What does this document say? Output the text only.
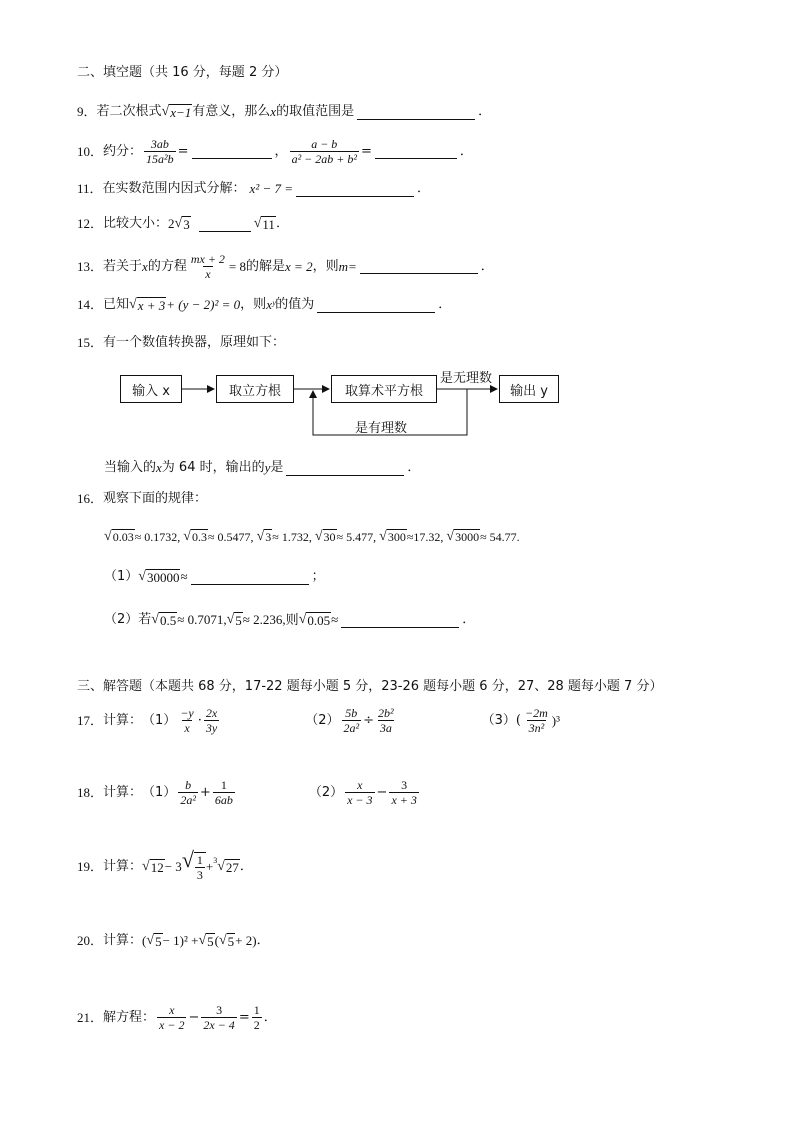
二、填空题（共 16 分，每题 2 分）
9． 若二次根式 √ x−1 有意义，那么 x 的取值范围是	．
10． 约分： $\frac{3ab}{\text{15a²b}}$ =	， $\frac{a - b}{\text{a² − 2ab + b²}}$ =	．
11． 在实数范围内因式分解： x² − 7 =	．
12． 比较大小： 2 √ 3	√ 11 ．
13． 若关于 x 的方程 $\frac{mx + 2}{x} = 8$ 的解是 x = 2 ，则 m=	．
14． 已知 √ x + 3 + (y − 2)² = 0 ，则 xʸ 的值为	．
15． 有一个数值转换器，原理如下：
输入 x	取立方根	取算术平方根	输出 y
是无理数
是有理数
当输入的 x 为 64 时，输出的 y 是	．
16． 观察下面的规律：
√ 0.03 ≈ 0.1732, √ 0.3 ≈ 0.5477, √ 3 ≈ 1.732, √ 30 ≈ 5.477, √ 300 ≈17.32, √ 3000 ≈ 54.77.
（1） √ 30000 ≈	；
（2）若 √ 0.5 ≈ 0.7071, √ 5 ≈ 2.236,则 √ 0.05 ≈	．
三、解答题（本题共 68 分，17-22 题每小题 5 分，23-26 题每小题 6 分，27、28 题每小题 7 分）
17． 计算： $(1) \frac{-y}{x} \cdot \frac{2x}{3y}$	$(2) \frac{5b}{\text{2a²}} \div \frac{\text{2b²}}{3a}$	（3） ( $\frac{-2m}{\text{3n²}} )^3$
18． 计算： $(1) \frac{b}{\text{2a²}} + \frac{1}{6ab}$	$(2) \frac{x}{x - 3} - \frac{3}{x + 3}$
19． 计算： √ 12 − 3 √ $\frac{1}{3} + 3$ √ 27 ．
20． 计算： ( √ 5 − 1)² + √ 5 ( √ 5 + 2) ．
21． 解方程： $\frac{x}{x - 2} - \frac{3}{2x - 4} = \frac{1}{2}$ ．
